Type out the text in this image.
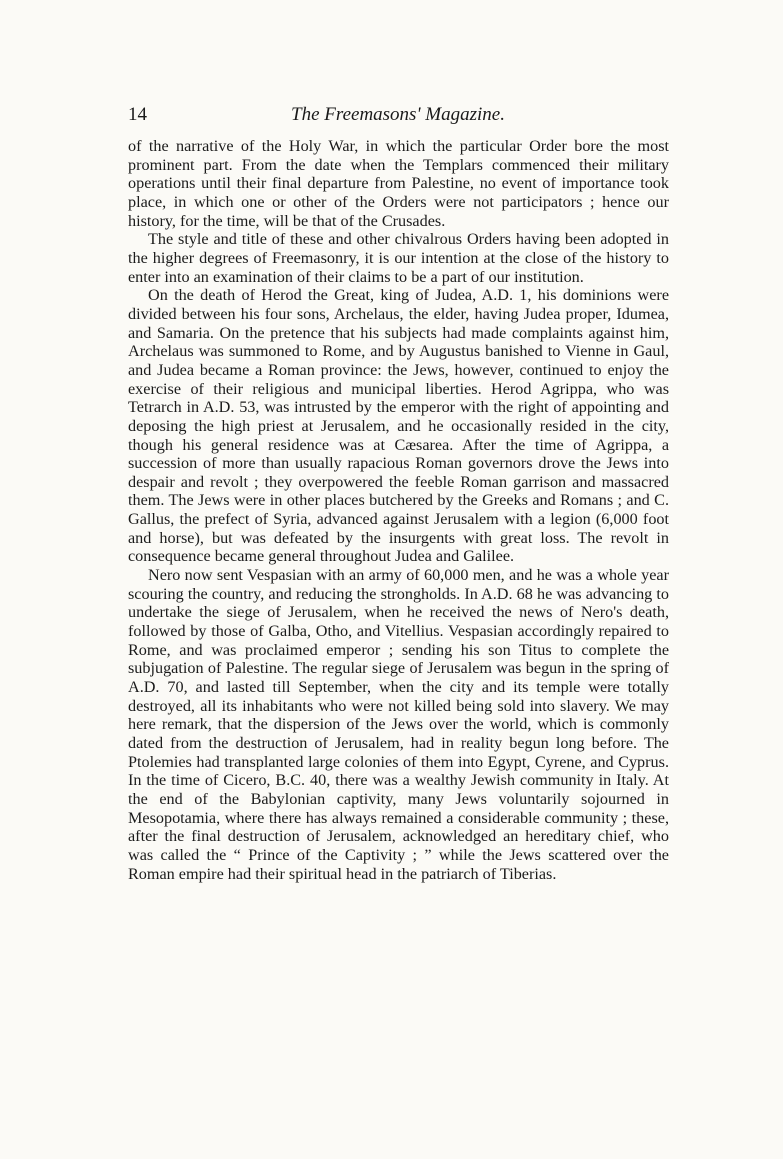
14	The Freemasons' Magazine.

of the narrative of the Holy War, in which the particular Order bore the most prominent part. From the date when the Templars commenced their military operations until their final departure from Palestine, no event of importance took place, in which one or other of the Orders were not participators ; hence our history, for the time, will be that of the Crusades.

The style and title of these and other chivalrous Orders having been adopted in the higher degrees of Freemasonry, it is our intention at the close of the history to enter into an examination of their claims to be a part of our institution.

On the death of Herod the Great, king of Judea, A.D. 1, his dominions were divided between his four sons, Archelaus, the elder, having Judea proper, Idumea, and Samaria. On the pretence that his subjects had made complaints against him, Archelaus was summoned to Rome, and by Augustus banished to Vienne in Gaul, and Judea became a Roman province: the Jews, however, continued to enjoy the exercise of their religious and municipal liberties. Herod Agrippa, who was Tetrarch in A.D. 53, was intrusted by the emperor with the right of appointing and deposing the high priest at Jerusalem, and he occasionally resided in the city, though his general residence was at Cæsarea. After the time of Agrippa, a succession of more than usually rapacious Roman governors drove the Jews into despair and revolt ; they overpowered the feeble Roman garrison and massacred them. The Jews were in other places butchered by the Greeks and Romans ; and C. Gallus, the prefect of Syria, advanced against Jerusalem with a legion (6,000 foot and horse), but was defeated by the insurgents with great loss. The revolt in consequence became general throughout Judea and Galilee.

Nero now sent Vespasian with an army of 60,000 men, and he was a whole year scouring the country, and reducing the strongholds. In A.D. 68 he was advancing to undertake the siege of Jerusalem, when he received the news of Nero's death, followed by those of Galba, Otho, and Vitellius. Vespasian accordingly repaired to Rome, and was proclaimed emperor ; sending his son Titus to complete the subjugation of Palestine. The regular siege of Jerusalem was begun in the spring of A.D. 70, and lasted till September, when the city and its temple were totally destroyed, all its inhabitants who were not killed being sold into slavery. We may here remark, that the dispersion of the Jews over the world, which is commonly dated from the destruction of Jerusalem, had in reality begun long before. The Ptolemies had transplanted large colonies of them into Egypt, Cyrene, and Cyprus. In the time of Cicero, B.C. 40, there was a wealthy Jewish community in Italy. At the end of the Babylonian captivity, many Jews voluntarily sojourned in Mesopotamia, where there has always remained a considerable community ; these, after the final destruction of Jerusalem, acknowledged an hereditary chief, who was called the “ Prince of the Captivity ; ” while the Jews scattered over the Roman empire had their spiritual head in the patriarch of Tiberias.
